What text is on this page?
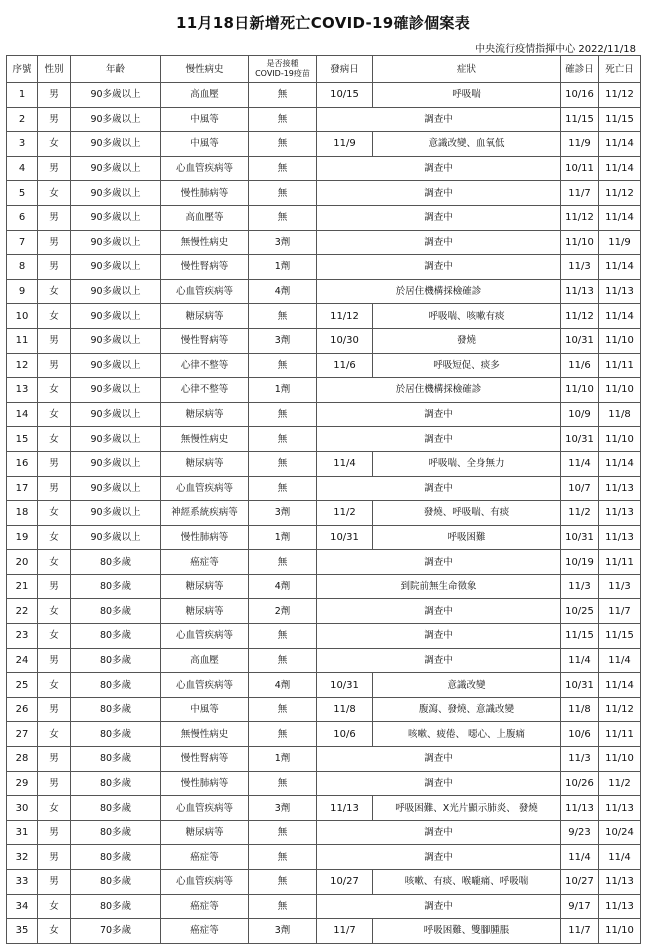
11月18日新增死亡COVID-19確診個案表
中央流行疫情指揮中心 2022/11/18
序號	性別	年齡	慢性病史	是否接種
COVID-19疫苗	發病日	症狀	確診日	死亡日
1	男	90多歲以上	高血壓	無	10/15	呼吸喘	10/16	11/12
2	男	90多歲以上	中風等	無	調查中		11/15	11/15
3	女	90多歲以上	中風等	無	11/9	意識改變、血氧低	11/9	11/14
4	男	90多歲以上	心血管疾病等	無	調查中		10/11	11/14
5	女	90多歲以上	慢性肺病等	無	調查中		11/7	11/12
6	男	90多歲以上	高血壓等	無	調查中		11/12	11/14
7	男	90多歲以上	無慢性病史	3劑	調查中		11/10	11/9
8	男	90多歲以上	慢性腎病等	1劑	調查中		11/3	11/14
9	女	90多歲以上	心血管疾病等	4劑	於居住機構採檢確診		11/13	11/13
10	女	90多歲以上	糖尿病等	無	11/12	呼吸喘、咳嗽有痰	11/12	11/14
11	男	90多歲以上	慢性腎病等	3劑	10/30	發燒	10/31	11/10
12	男	90多歲以上	心律不整等	無	11/6	呼吸短促、痰多	11/6	11/11
13	女	90多歲以上	心律不整等	1劑	於居住機構採檢確診		11/10	11/10
14	女	90多歲以上	糖尿病等	無	調查中		10/9	11/8
15	女	90多歲以上	無慢性病史	無	調查中		10/31	11/10
16	男	90多歲以上	糖尿病等	無	11/4	呼吸喘、全身無力	11/4	11/14
17	男	90多歲以上	心血管疾病等	無	調查中		10/7	11/13
18	女	90多歲以上	神經系統疾病等	3劑	11/2	發燒、呼吸喘、有痰	11/2	11/13
19	女	90多歲以上	慢性肺病等	1劑	10/31	呼吸困難	10/31	11/13
20	女	80多歲	癌症等	無	調查中		10/19	11/11
21	男	80多歲	糖尿病等	4劑	到院前無生命徵象		11/3	11/3
22	女	80多歲	糖尿病等	2劑	調查中		10/25	11/7
23	女	80多歲	心血管疾病等	無	調查中		11/15	11/15
24	男	80多歲	高血壓	無	調查中		11/4	11/4
25	女	80多歲	心血管疾病等	4劑	10/31	意識改變	10/31	11/14
26	男	80多歲	中風等	無	11/8	腹瀉、發燒、意識改變	11/8	11/12
27	女	80多歲	無慢性病史	無	10/6	咳嗽、疲倦、 噁心、上腹痛	10/6	11/11
28	男	80多歲	慢性腎病等	1劑	調查中		11/3	11/10
29	男	80多歲	慢性肺病等	無	調查中		10/26	11/2
30	女	80多歲	心血管疾病等	3劑	11/13	呼吸困難、X光片顯示肺炎、 發燒	11/13	11/13
31	男	80多歲	糖尿病等	無	調查中		9/23	10/24
32	男	80多歲	癌症等	無	調查中		11/4	11/4
33	男	80多歲	心血管疾病等	無	10/27	咳嗽、有痰、喉嚨痛、呼吸喘	10/27	11/13
34	女	80多歲	癌症等	無	調查中		9/17	11/13
35	女	70多歲	癌症等	3劑	11/7	呼吸困難、雙腳腫脹	11/7	11/10
